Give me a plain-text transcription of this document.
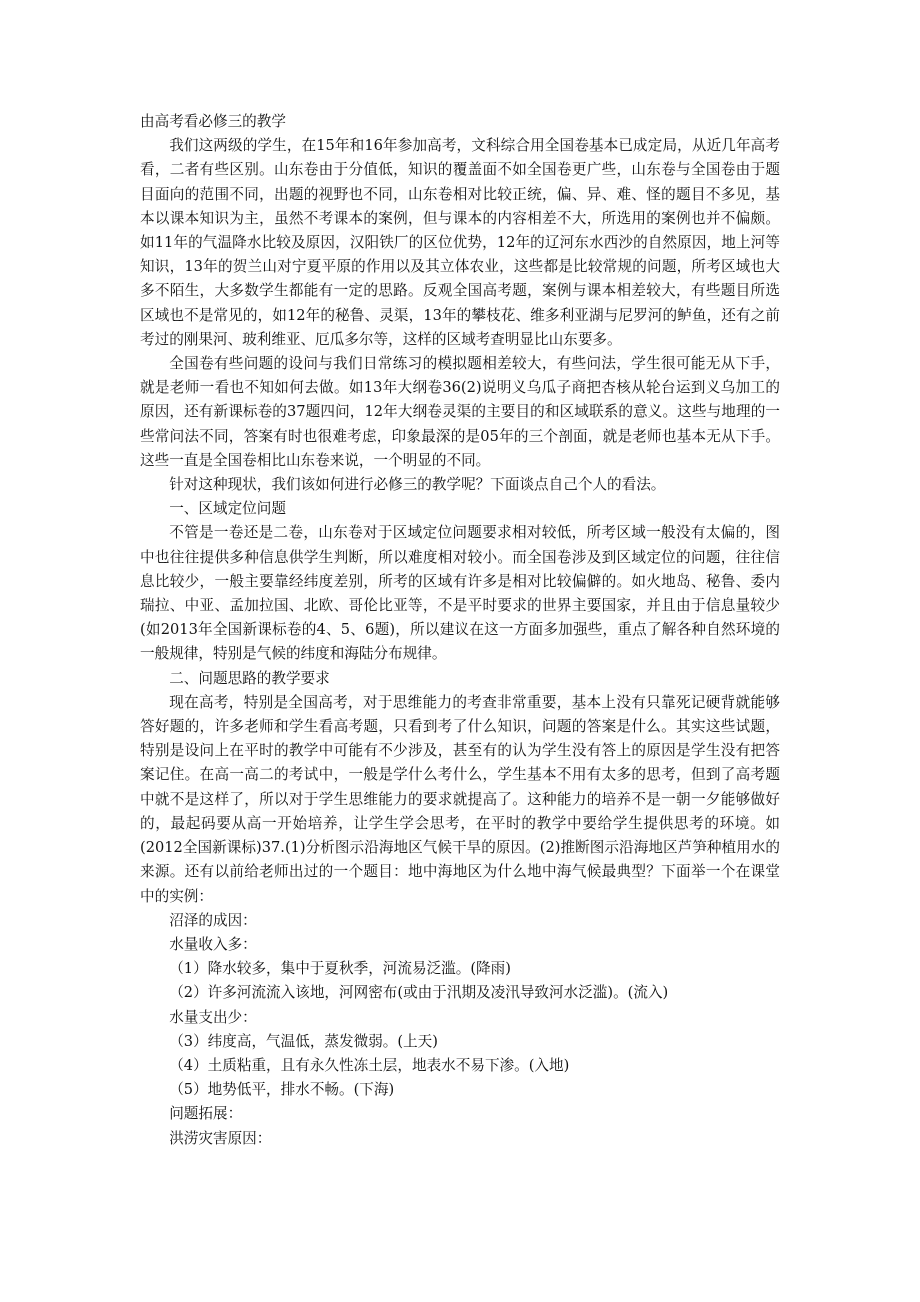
由高考看必修三的教学

我们这两级的学生，在15年和16年参加高考，文科综合用全国卷基本已成定局，从近几年高考看，二者有些区别。山东卷由于分值低，知识的覆盖面不如全国卷更广些，山东卷与全国卷由于题目面向的范围不同，出题的视野也不同，山东卷相对比较正统，偏、异、难、怪的题目不多见，基本以课本知识为主，虽然不考课本的案例，但与课本的内容相差不大，所选用的案例也并不偏颇。如11年的气温降水比较及原因，汉阳铁厂的区位优势，12年的辽河东水西沙的自然原因，地上河等知识，13年的贺兰山对宁夏平原的作用以及其立体农业，这些都是比较常规的问题，所考区域也大多不陌生，大多数学生都能有一定的思路。反观全国高考题，案例与课本相差较大，有些题目所选区域也不是常见的，如12年的秘鲁、灵渠，13年的攀枝花、维多利亚湖与尼罗河的鲈鱼，还有之前考过的刚果河、玻利维亚、厄瓜多尔等，这样的区域考查明显比山东要多。

全国卷有些问题的设问与我们日常练习的模拟题相差较大，有些问法，学生很可能无从下手，就是老师一看也不知如何去做。如13年大纲卷36(2)说明义乌瓜子商把杏核从轮台运到义乌加工的原因，还有新课标卷的37题四问，12年大纲卷灵渠的主要目的和区域联系的意义。这些与地理的一些常问法不同，答案有时也很难考虑，印象最深的是05年的三个剖面，就是老师也基本无从下手。这些一直是全国卷相比山东卷来说，一个明显的不同。

针对这种现状，我们该如何进行必修三的教学呢？下面谈点自己个人的看法。

一、区域定位问题

不管是一卷还是二卷，山东卷对于区域定位问题要求相对较低，所考区域一般没有太偏的，图中也往往提供多种信息供学生判断，所以难度相对较小。而全国卷涉及到区域定位的问题，往往信息比较少，一般主要靠经纬度差别，所考的区域有许多是相对比较偏僻的。如火地岛、秘鲁、委内瑞拉、中亚、孟加拉国、北欧、哥伦比亚等，不是平时要求的世界主要国家，并且由于信息量较少(如2013年全国新课标卷的4、5、6题)，所以建议在这一方面多加强些，重点了解各种自然环境的一般规律，特别是气候的纬度和海陆分布规律。

二、问题思路的教学要求

现在高考，特别是全国高考，对于思维能力的考查非常重要，基本上没有只靠死记硬背就能够答好题的，许多老师和学生看高考题，只看到考了什么知识，问题的答案是什么。其实这些试题，特别是设问上在平时的教学中可能有不少涉及，甚至有的认为学生没有答上的原因是学生没有把答案记住。在高一高二的考试中，一般是学什么考什么，学生基本不用有太多的思考，但到了高考题中就不是这样了，所以对于学生思维能力的要求就提高了。这种能力的培养不是一朝一夕能够做好的，最起码要从高一开始培养，让学生学会思考，在平时的教学中要给学生提供思考的环境。如(2012全国新课标)37.(1)分析图示沿海地区气候干旱的原因。(2)推断图示沿海地区芦笋种植用水的来源。还有以前给老师出过的一个题目：地中海地区为什么地中海气候最典型？下面举一个在课堂中的实例：

沼泽的成因：

水量收入多：

（1）降水较多，集中于夏秋季，河流易泛滥。(降雨)

（2）许多河流流入该地，河网密布(或由于汛期及凌汛导致河水泛滥)。(流入)

水量支出少：

（3）纬度高，气温低，蒸发微弱。(上天)

（4）土质粘重，且有永久性冻土层，地表水不易下渗。(入地)

（5）地势低平，排水不畅。(下海)

问题拓展：

洪涝灾害原因：
